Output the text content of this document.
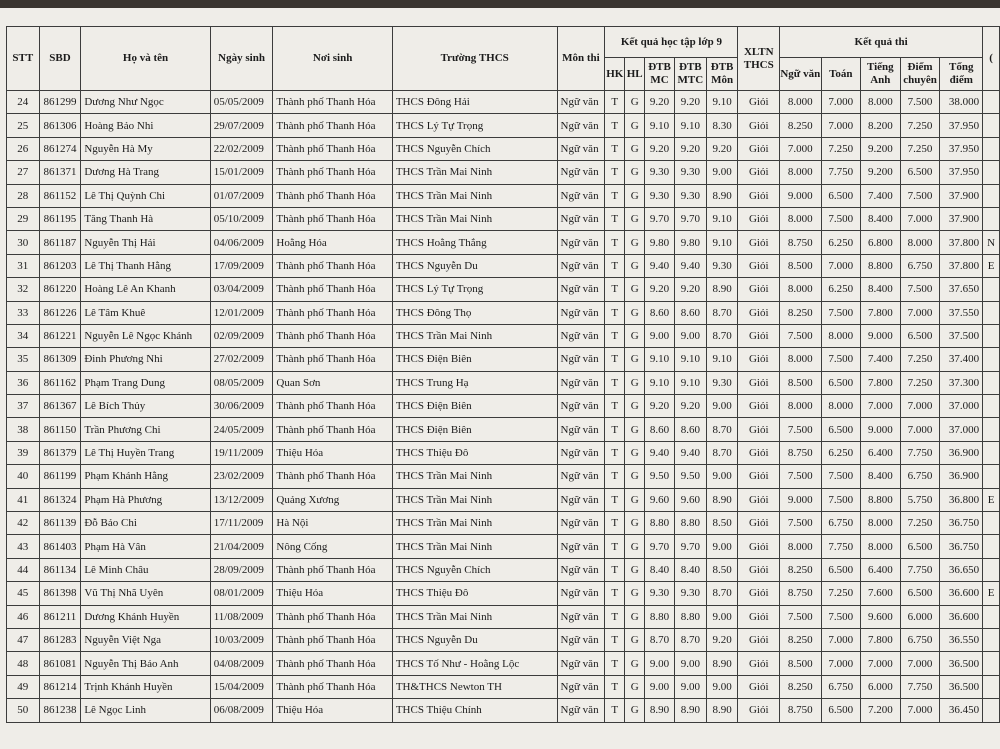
STT	SBD	Họ và tên	Ngày sinh	Nơi sinh	Trường THCS	Môn thi	Kết quả học tập lớp 9					XLTN THCS	Kết quả thi					(
							HK	HL	ĐTB MC	ĐTB MTC	ĐTB Môn		Ngữ văn	Toán	Tiếng Anh	Điểm chuyên	Tổng điểm	
24	861299	Dương Như Ngọc	05/05/2009	Thành phố Thanh Hóa	THCS Đông Hải	Ngữ văn	T	G	9.20	9.20	9.10	Giỏi	8.000	7.000	8.000	7.500	38.000	
25	861306	Hoàng Bảo Nhi	29/07/2009	Thành phố Thanh Hóa	THCS Lý Tự Trọng	Ngữ văn	T	G	9.10	9.10	8.30	Giỏi	8.250	7.000	8.200	7.250	37.950	
26	861274	Nguyễn Hà My	22/02/2009	Thành phố Thanh Hóa	THCS Nguyễn Chích	Ngữ văn	T	G	9.20	9.20	9.20	Giỏi	7.000	7.250	9.200	7.250	37.950	
27	861371	Dương Hà Trang	15/01/2009	Thành phố Thanh Hóa	THCS Trần Mai Ninh	Ngữ văn	T	G	9.30	9.30	9.00	Giỏi	8.000	7.750	9.200	6.500	37.950	
28	861152	Lê Thị Quỳnh Chi	01/07/2009	Thành phố Thanh Hóa	THCS Trần Mai Ninh	Ngữ văn	T	G	9.30	9.30	8.90	Giỏi	9.000	6.500	7.400	7.500	37.900	
29	861195	Tăng Thanh Hà	05/10/2009	Thành phố Thanh Hóa	THCS Trần Mai Ninh	Ngữ văn	T	G	9.70	9.70	9.10	Giỏi	8.000	7.500	8.400	7.000	37.900	
30	861187	Nguyễn Thị Hải	04/06/2009	Hoằng Hóa	THCS Hoằng Thắng	Ngữ văn	T	G	9.80	9.80	9.10	Giỏi	8.750	6.250	6.800	8.000	37.800	N
31	861203	Lê Thị Thanh Hằng	17/09/2009	Thành phố Thanh Hóa	THCS Nguyễn Du	Ngữ văn	T	G	9.40	9.40	9.30	Giỏi	8.500	7.000	8.800	6.750	37.800	E
32	861220	Hoàng Lê An Khanh	03/04/2009	Thành phố Thanh Hóa	THCS Lý Tự Trọng	Ngữ văn	T	G	9.20	9.20	8.90	Giỏi	8.000	6.250	8.400	7.500	37.650	
33	861226	Lê Tâm Khuê	12/01/2009	Thành phố Thanh Hóa	THCS Đông Thọ	Ngữ văn	T	G	8.60	8.60	8.70	Giỏi	8.250	7.500	7.800	7.000	37.550	
34	861221	Nguyễn Lê Ngọc Khánh	02/09/2009	Thành phố Thanh Hóa	THCS Trần Mai Ninh	Ngữ văn	T	G	9.00	9.00	8.70	Giỏi	7.500	8.000	9.000	6.500	37.500	
35	861309	Đinh Phương Nhi	27/02/2009	Thành phố Thanh Hóa	THCS Điện Biên	Ngữ văn	T	G	9.10	9.10	9.10	Giỏi	8.000	7.500	7.400	7.250	37.400	
36	861162	Phạm Trang Dung	08/05/2009	Quan Sơn	THCS Trung Hạ	Ngữ văn	T	G	9.10	9.10	9.30	Giỏi	8.500	6.500	7.800	7.250	37.300	
37	861367	Lê Bích Thủy	30/06/2009	Thành phố Thanh Hóa	THCS Điện Biên	Ngữ văn	T	G	9.20	9.20	9.00	Giỏi	8.000	8.000	7.000	7.000	37.000	
38	861150	Trần Phương Chi	24/05/2009	Thành phố Thanh Hóa	THCS Điện Biên	Ngữ văn	T	G	8.60	8.60	8.70	Giỏi	7.500	6.500	9.000	7.000	37.000	
39	861379	Lê Thị Huyền Trang	19/11/2009	Thiệu Hóa	THCS Thiệu Đô	Ngữ văn	T	G	9.40	9.40	8.70	Giỏi	8.750	6.250	6.400	7.750	36.900	
40	861199	Phạm Khánh Hằng	23/02/2009	Thành phố Thanh Hóa	THCS Trần Mai Ninh	Ngữ văn	T	G	9.50	9.50	9.00	Giỏi	7.500	7.500	8.400	6.750	36.900	
41	861324	Phạm Hà Phương	13/12/2009	Quảng Xương	THCS Trần Mai Ninh	Ngữ văn	T	G	9.60	9.60	8.90	Giỏi	9.000	7.500	8.800	5.750	36.800	E
42	861139	Đỗ Bảo Chi	17/11/2009	Hà Nội	THCS Trần Mai Ninh	Ngữ văn	T	G	8.80	8.80	8.50	Giỏi	7.500	6.750	8.000	7.250	36.750	
43	861403	Phạm Hà Vân	21/04/2009	Nông Cống	THCS Trần Mai Ninh	Ngữ văn	T	G	9.70	9.70	9.00	Giỏi	8.000	7.750	8.000	6.500	36.750	
44	861134	Lê Minh Châu	28/09/2009	Thành phố Thanh Hóa	THCS Nguyễn Chích	Ngữ văn	T	G	8.40	8.40	8.50	Giỏi	8.250	6.500	6.400	7.750	36.650	
45	861398	Vũ Thị Nhã Uyên	08/01/2009	Thiệu Hóa	THCS Thiệu Đô	Ngữ văn	T	G	9.30	9.30	8.70	Giỏi	8.750	7.250	7.600	6.500	36.600	E
46	861211	Dương Khánh Huyền	11/08/2009	Thành phố Thanh Hóa	THCS Trần Mai Ninh	Ngữ văn	T	G	8.80	8.80	9.00	Giỏi	7.500	7.500	9.600	6.000	36.600	
47	861283	Nguyễn Việt Nga	10/03/2009	Thành phố Thanh Hóa	THCS Nguyễn Du	Ngữ văn	T	G	8.70	8.70	9.20	Giỏi	8.250	7.000	7.800	6.750	36.550	
48	861081	Nguyễn Thị Bảo Anh	04/08/2009	Thành phố Thanh Hóa	THCS Tố Như - Hoằng Lộc	Ngữ văn	T	G	9.00	9.00	8.90	Giỏi	8.500	7.000	7.000	7.000	36.500	
49	861214	Trịnh Khánh Huyền	15/04/2009	Thành phố Thanh Hóa	TH&THCS Newton TH	Ngữ văn	T	G	9.00	9.00	9.00	Giỏi	8.250	6.750	6.000	7.750	36.500	
50	861238	Lê Ngọc Linh	06/08/2009	Thiệu Hóa	THCS Thiệu Chính	Ngữ văn	T	G	8.90	8.90	8.90	Giỏi	8.750	6.500	7.200	7.000	36.450	
